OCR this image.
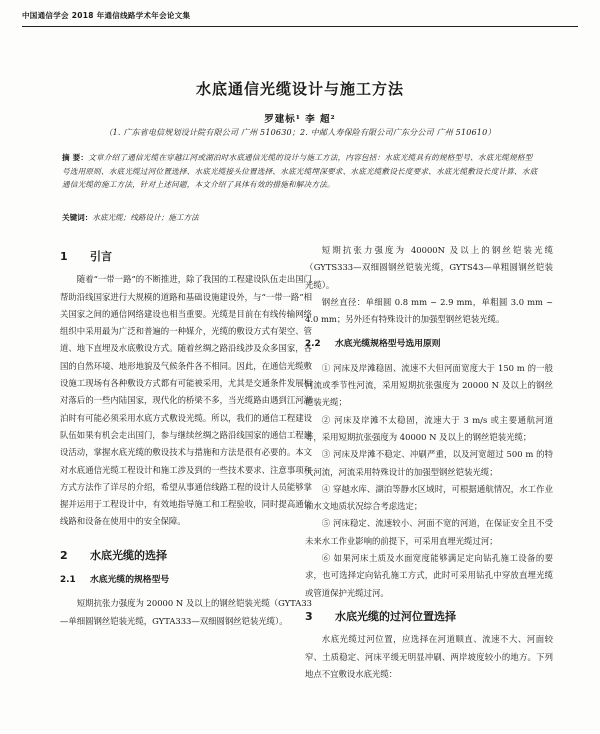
中国通信学会 2018 年通信线路学术年会论文集
水底通信光缆设计与施工方法
罗建标¹ 李 超²
（1. 广东省电信规划设计院有限公司 广州 510630；2. 中邮人寿保险有限公司广东分公司 广州 510610）
摘 要：文章介绍了通信光缆在穿越江河或湖泊时水底通信光缆的设计与施工方法，内容包括：水底光缆具有的规格型号、水底光缆规格型号选用原则、水底光缆过河位置选择、水底光缆接头位置选择、水底光缆埋深要求、水底光缆敷设长度要求、水底光缆敷设长度计算、水底通信光缆的施工方法，针对上述问题，本文介绍了具体有效的措施和解决方法。
关键词：水底光缆；线路设计；施工方法
1 引言

随着“一带一路”的不断推进，除了我国的工程建设队伍走出国门帮助沿线国家进行大规模的道路和基础设施建设外，与“一带一路”相关国家之间的通信网络建设也相当重要。光缆是目前在有线传输网络组织中采用最为广泛和普遍的一种媒介，光缆的敷设方式有架空、管道、地下直埋及水底敷设方式。随着丝绸之路沿线涉及众多国家，各国的自然环境、地形地貌及气候条件各不相同。因此，在通信光缆敷设施工现场有各种敷设方式都有可能被采用，尤其是交通条件发展相对落后的一些内陆国家，现代化的桥梁不多，当光缆路由遇到江河湖泊时有可能必须采用水底方式敷设光缆。所以，我们的通信工程建设队伍如果有机会走出国门，参与继续丝绸之路沿线国家的通信工程建设活动，掌握水底光缆的敷设技术与措施和方法是很有必要的。本文对水底通信光缆工程设计和施工涉及到的一些技术要求、注意事项和方式方法作了详尽的介绍，希望从事通信线路工程的设计人员能够掌握并运用于工程设计中，有效地指导施工和工程验收，同时提高通信线路和设备在使用中的安全保障。

2 水底光缆的选择
2.1 水底光缆的规格型号

短期抗张力强度为 20000 N 及以上的钢丝铠装光缆（GYTA33—单细圆钢丝铠装光缆，GYTA333—双细圆钢丝铠装光缆）。

短期抗张力强度为 40000N 及以上的钢丝铠装光缆（GYTS333—双细圆钢丝铠装光缆，GYTS43—单粗圆钢丝铠装光缆）。

钢丝直径：单细圆 0.8 mm ~ 2.9 mm，单粗圆 3.0 mm ~ 4.0 mm；另外还有特殊设计的加强型钢丝铠装光缆。

2.2 水底光缆规格型号选用原则

① 河床及岸滩稳固、流速不大但河面宽度大于 150 m 的一般河流或季节性河流，采用短期抗张强度为 20000 N 及以上的钢丝铠装光缆；

② 河床及岸滩不太稳固，流速大于 3 m/s 或主要通航河道等，采用短期抗张强度为 40000 N 及以上的钢丝铠装光缆；

③ 河床及岸滩不稳定、冲刷严重，以及河宽超过 500 m 的特大河流，河流采用特殊设计的加强型钢丝铠装光缆；

④ 穿越水库、湖泊等静水区域时，可根据通航情况，水工作业和水文地质状况综合考虑选定；

⑤ 河床稳定、流速较小、河面不宽的河道，在保证安全且不受未来水工作业影响的前提下，可采用直埋光缆过河；

⑥ 如果河床土质及水面宽度能够满足定向钻孔施工设备的要求，也可选择定向钻孔施工方式，此时可采用钻孔中穿放直埋光缆或管道保护光缆过河。

3 水底光缆的过河位置选择

水底光缆过河位置，应选择在河道顺直、流速不大、河面较窄、土质稳定、河床平缓无明显冲刷、两岸坡度较小的地方。下列地点不宜敷设水底光缆：
